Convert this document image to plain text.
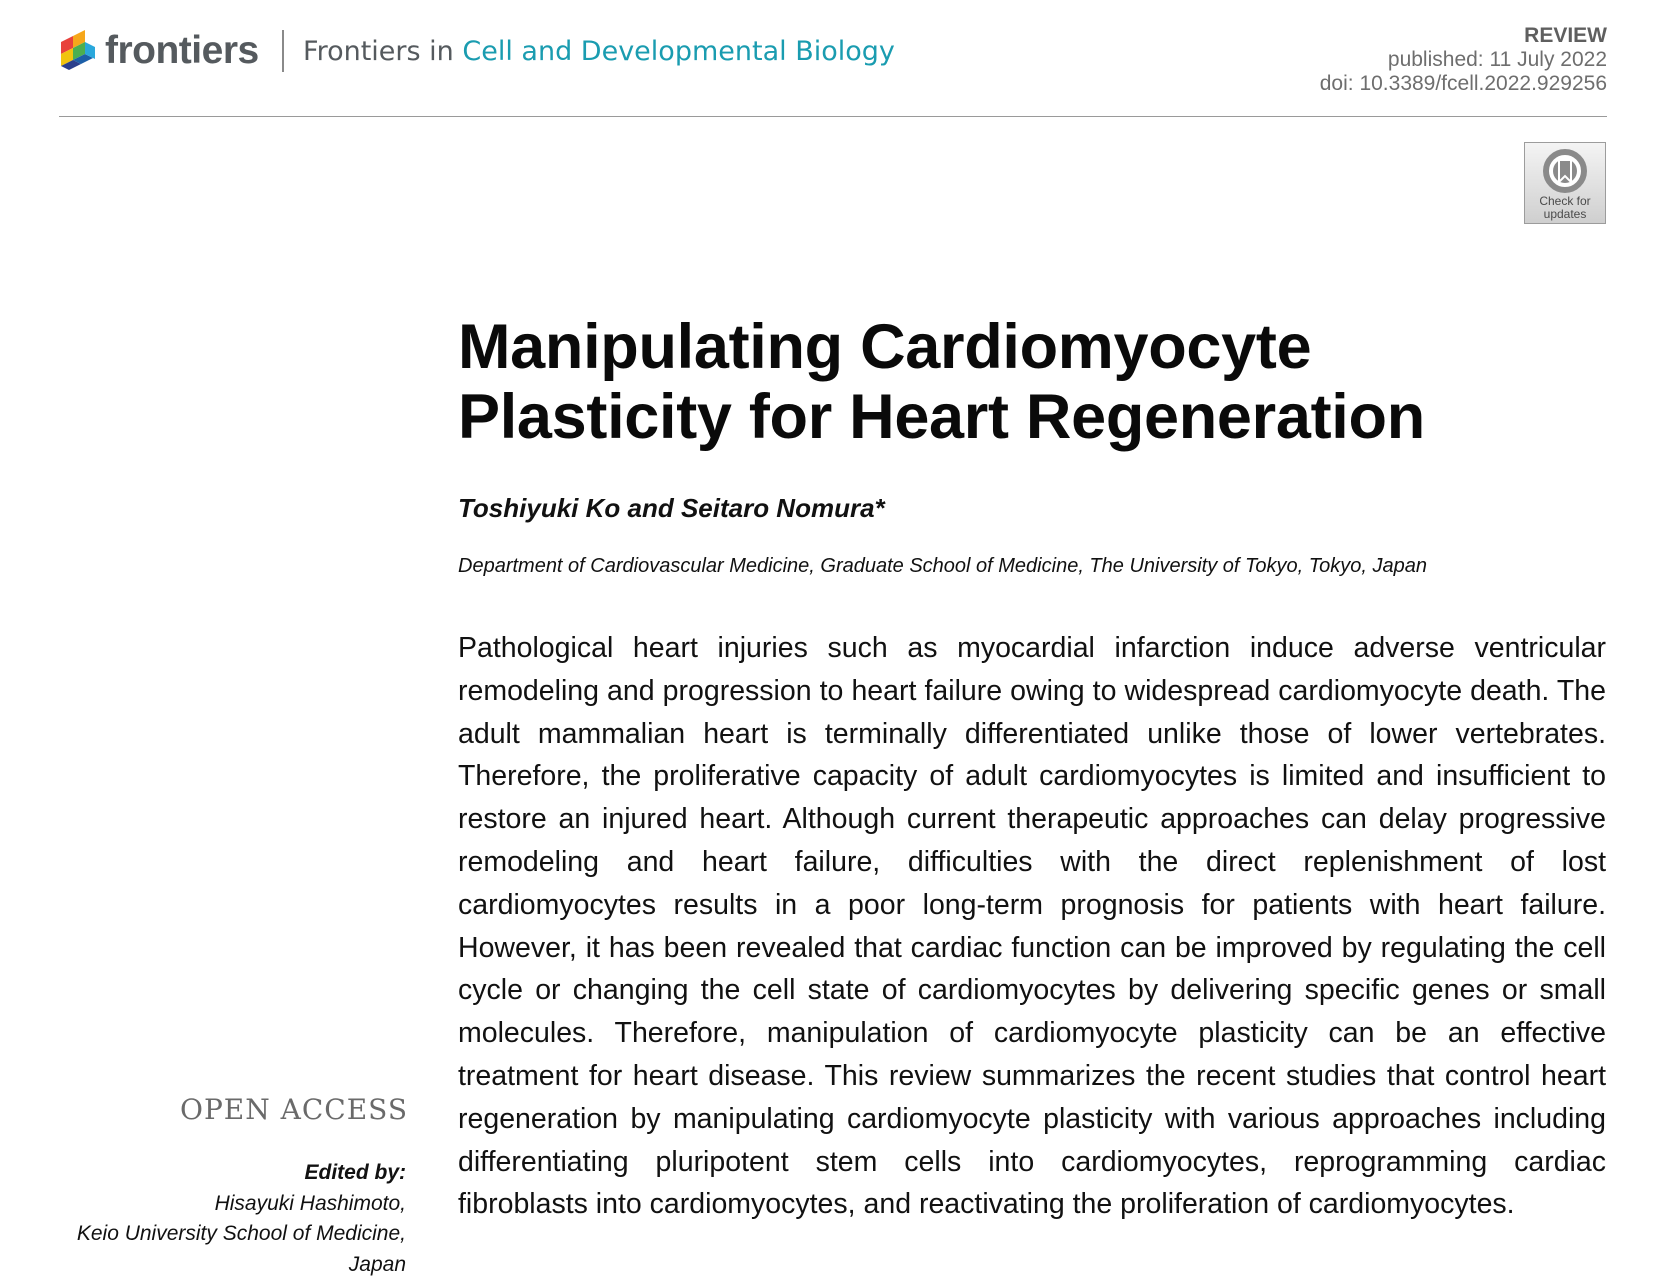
frontiers Frontiers in Cell and Developmental Biology
REVIEW
published: 11 July 2022
doi: 10.3389/fcell.2022.929256
Check for
updates
Manipulating Cardiomyocyte
Plasticity for Heart Regeneration
Toshiyuki Ko and Seitaro Nomura*
Department of Cardiovascular Medicine, Graduate School of Medicine, The University of Tokyo, Tokyo, Japan

Pathological heart injuries such as myocardial infarction induce adverse ventricular remodeling and progression to heart failure owing to widespread cardiomyocyte death. The adult mammalian heart is terminally differentiated unlike those of lower vertebrates. Therefore, the proliferative capacity of adult cardiomyocytes is limited and insufficient to restore an injured heart. Although current therapeutic approaches can delay progressive remodeling and heart failure, difficulties with the direct replenishment of lost cardiomyocytes results in a poor long-term prognosis for patients with heart failure. However, it has been revealed that cardiac function can be improved by regulating the cell cycle or changing the cell state of cardiomyocytes by delivering specific genes or small molecules. Therefore, manipulation of cardiomyocyte plasticity can be an effective treatment for heart disease. This review summarizes the recent studies that control heart regeneration by manipulating cardiomyocyte plasticity with various approaches including differentiating pluripotent stem cells into cardiomyocytes, reprogramming cardiac fibroblasts into cardiomyocytes, and reactivating the proliferation of cardiomyocytes.

OPEN ACCESS
Edited by:
Hisayuki Hashimoto,
Keio University School of Medicine,
Japan
